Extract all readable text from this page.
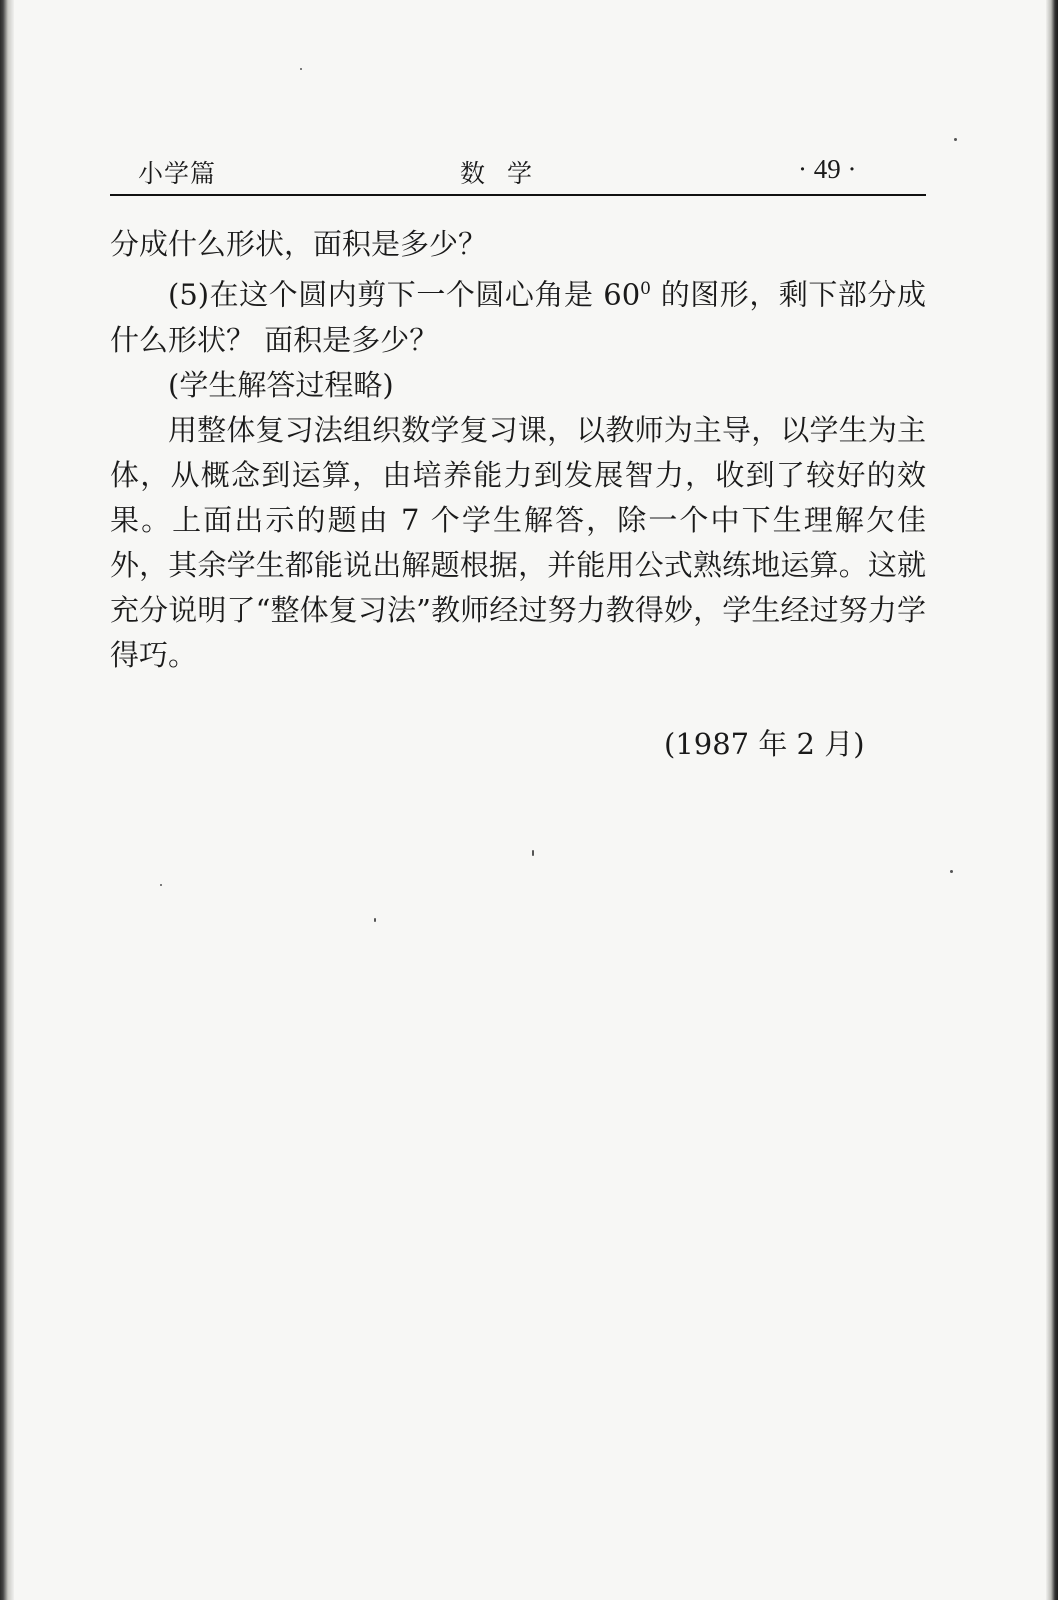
小学篇	数学	· 49 ·

分成什么形状，面积是多少？

(5)在这个圆内剪下一个圆心角是 $60^0$ 的图形，剩下部分成什么形状？ 面积是多少？

(学生解答过程略)

用整体复习法组织数学复习课，以教师为主导，以学生为主体，从概念到运算，由培养能力到发展智力，收到了较好的效果。上面出示的题由 7 个学生解答，除一个中下生理解欠佳外，其余学生都能说出解题根据，并能用公式熟练地运算。这就充分说明了“整体复习法”教师经过努力教得妙，学生经过努力学得巧。

(1987 年 2 月)
